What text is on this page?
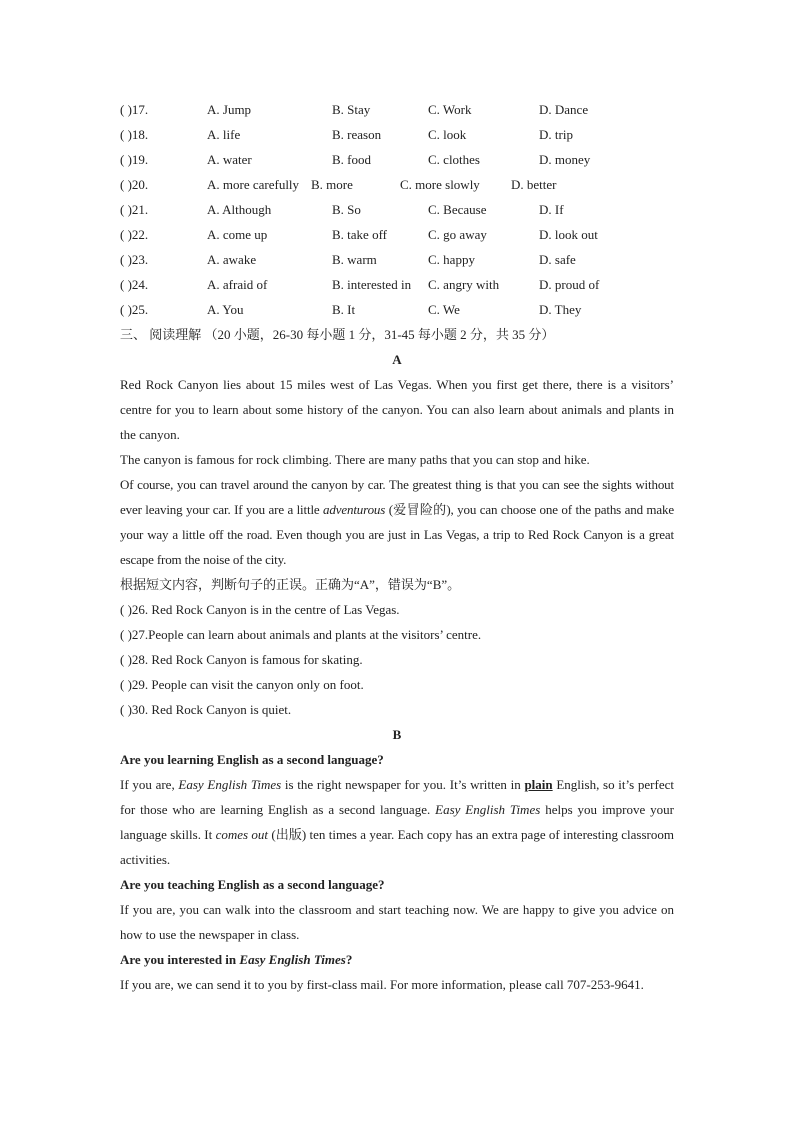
( )17.	A. Jump	B. Stay	C. Work	D. Dance
( )18.	A. life	B. reason	C. look	D. trip
( )19.	A. water	B. food	C. clothes	D. money
( )20.	A. more carefully B. more	C. more slowly D. better
( )21.	A. Although	B. So	C. Because	D. If
( )22.	A. come up	B. take off	C. go away	D. look out
( )23.	A. awake	B. warm	C. happy	D. safe
( )24.	A. afraid of	B. interested in C. angry with	D. proud of
( )25.	A. You	B. It	C. We	D. They
三、 阅读理解 （20 小题，26-30 每小题 1 分，31-45 每小题 2 分，共 35 分）
A
Red Rock Canyon lies about 15 miles west of Las Vegas. When you first get there, there is a visitors’ centre for you to learn about some history of the canyon. You can also learn about animals and plants in the canyon.
The canyon is famous for rock climbing. There are many paths that you can stop and hike.
Of course, you can travel around the canyon by car. The greatest thing is that you can see the sights without ever leaving your car. If you are a little adventurous (爱冒险的), you can choose one of the paths and make your way a little off the road. Even though you are just in Las Vegas, a trip to Red Rock Canyon is a great escape from the noise of the city.
根据短文内容，判断句子的正误。正确为“A”，错误为“B”。
( )26. Red Rock Canyon is in the centre of Las Vegas.
( )27.People can learn about animals and plants at the visitors’ centre.
( )28. Red Rock Canyon is famous for skating.
( )29. People can visit the canyon only on foot.
( )30. Red Rock Canyon is quiet.
B
Are you learning English as a second language?
If you are, Easy English Times is the right newspaper for you. It’s written in plain English, so it’s perfect for those who are learning English as a second language. Easy English Times helps you improve your language skills. It comes out (出版) ten times a year. Each copy has an extra page of interesting classroom activities.
Are you teaching English as a second language?
If you are, you can walk into the classroom and start teaching now. We are happy to give you advice on how to use the newspaper in class.
Are you interested in Easy English Times?
If you are, we can send it to you by first-class mail. For more information, please call 707-253-9641.
